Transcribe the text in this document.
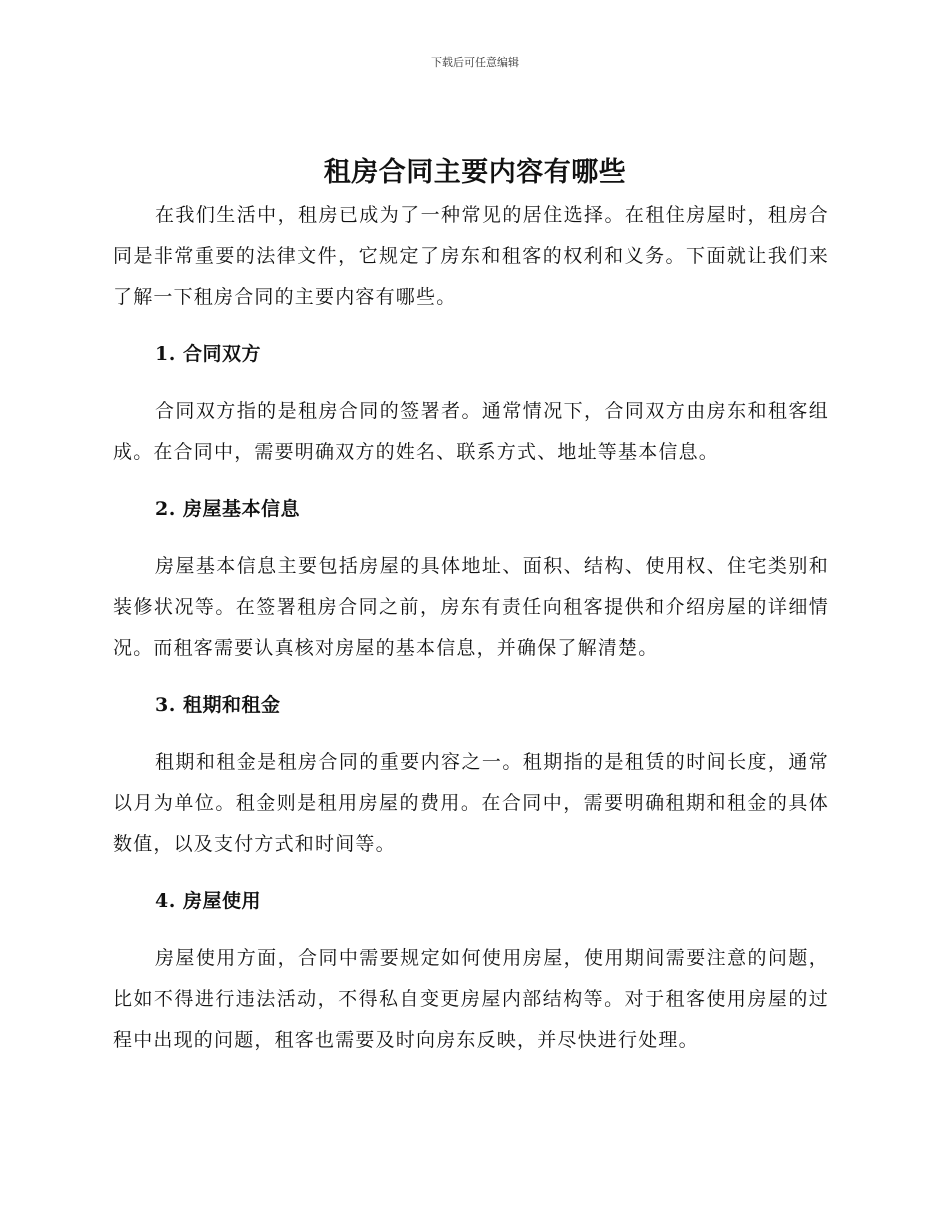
下载后可任意编辑
租房合同主要内容有哪些

在我们生活中，租房已成为了一种常见的居住选择。在租住房屋时，租房合同是非常重要的法律文件，它规定了房东和租客的权利和义务。下面就让我们来了解一下租房合同的主要内容有哪些。

1. 合同双方

合同双方指的是租房合同的签署者。通常情况下，合同双方由房东和租客组成。在合同中，需要明确双方的姓名、联系方式、地址等基本信息。

2. 房屋基本信息

房屋基本信息主要包括房屋的具体地址、面积、结构、使用权、住宅类别和装修状况等。在签署租房合同之前，房东有责任向租客提供和介绍房屋的详细情况。而租客需要认真核对房屋的基本信息，并确保了解清楚。

3. 租期和租金

租期和租金是租房合同的重要内容之一。租期指的是租赁的时间长度，通常以月为单位。租金则是租用房屋的费用。在合同中，需要明确租期和租金的具体数值，以及支付方式和时间等。

4. 房屋使用

房屋使用方面，合同中需要规定如何使用房屋，使用期间需要注意的问题，比如不得进行违法活动，不得私自变更房屋内部结构等。对于租客使用房屋的过程中出现的问题，租客也需要及时向房东反映，并尽快进行处理。
